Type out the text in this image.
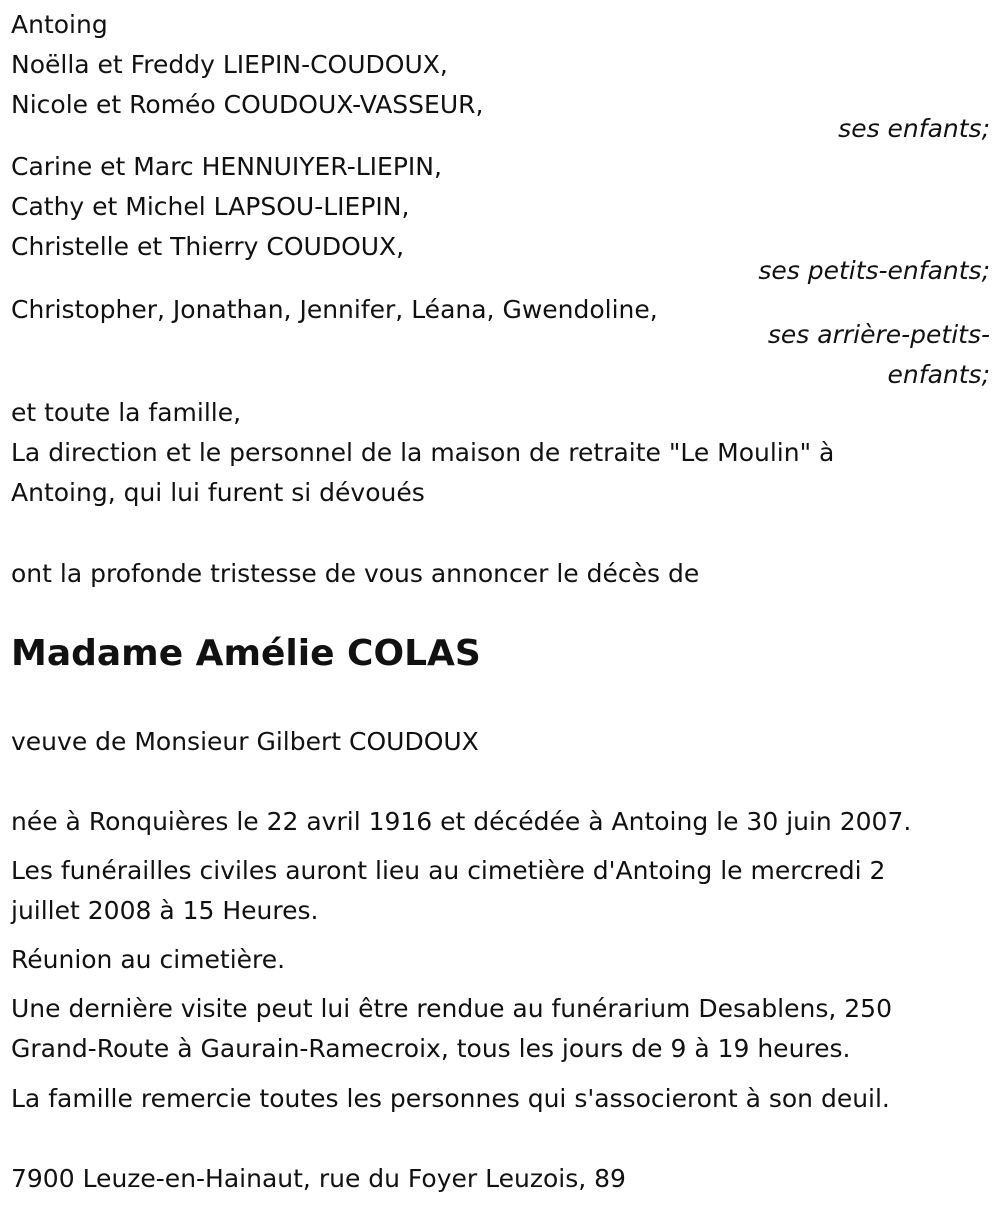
Antoing
Noëlla et Freddy LIEPIN-COUDOUX,
Nicole et Roméo COUDOUX-VASSEUR,
ses enfants;
Carine et Marc HENNUIYER-LIEPIN,
Cathy et Michel LAPSOU-LIEPIN,
Christelle et Thierry COUDOUX,
ses petits-enfants;
Christopher, Jonathan, Jennifer, Léana, Gwendoline,
ses arrière-petits-
enfants;
et toute la famille,
La direction et le personnel de la maison de retraite "Le Moulin" à
Antoing, qui lui furent si dévoués
ont la profonde tristesse de vous annoncer le décès de
Madame Amélie COLAS
veuve de Monsieur Gilbert COUDOUX
née à Ronquières le 22 avril 1916 et décédée à Antoing le 30 juin 2007.
Les funérailles civiles auront lieu au cimetière d'Antoing le mercredi 2
juillet 2008 à 15 Heures.
Réunion au cimetière.
Une dernière visite peut lui être rendue au funérarium Desablens, 250
Grand-Route à Gaurain-Ramecroix, tous les jours de 9 à 19 heures.
La famille remercie toutes les personnes qui s'associeront à son deuil.
7900 Leuze-en-Hainaut, rue du Foyer Leuzois, 89
